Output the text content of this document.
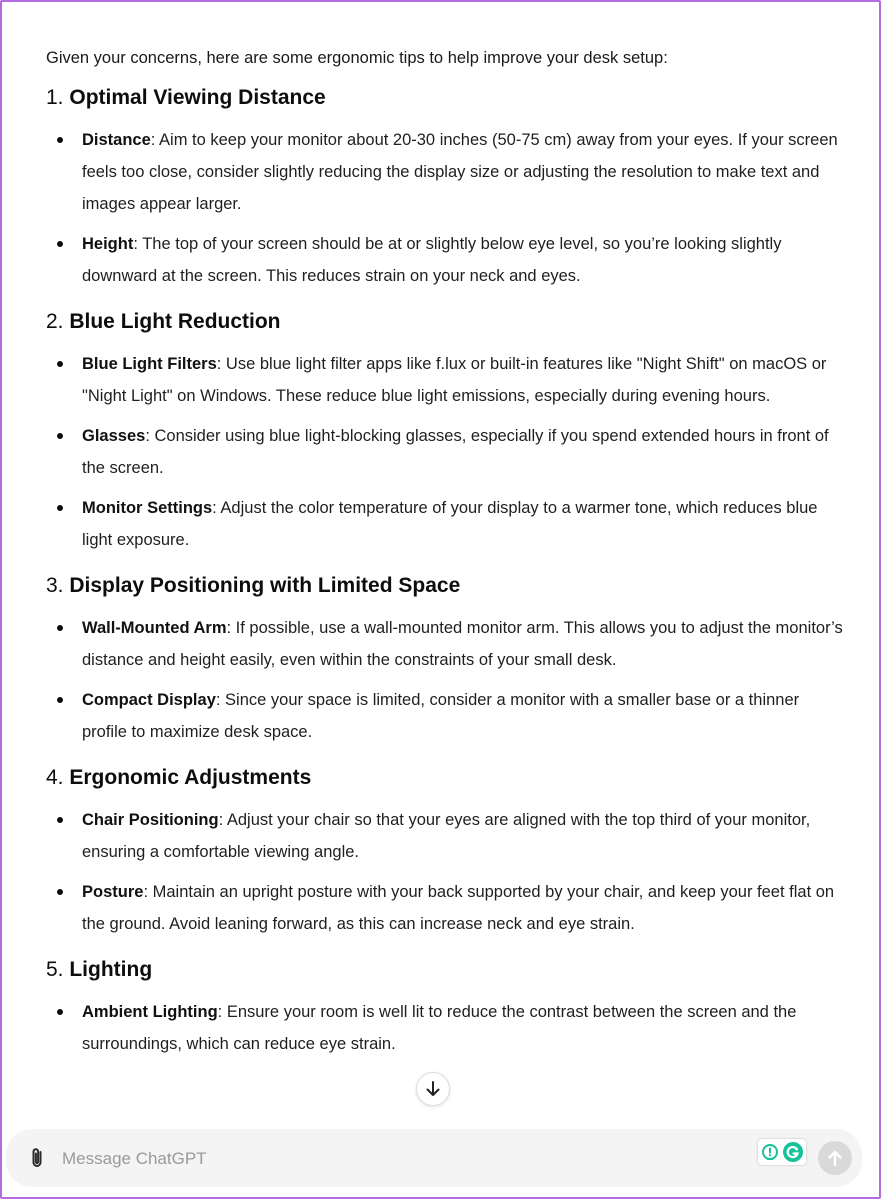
Given your concerns, here are some ergonomic tips to help improve your desk setup:

1. Optimal Viewing Distance
Distance: Aim to keep your monitor about 20-30 inches (50-75 cm) away from your eyes. If your screen feels too close, consider slightly reducing the display size or adjusting the resolution to make text and images appear larger.
Height: The top of your screen should be at or slightly below eye level, so you’re looking slightly downward at the screen. This reduces strain on your neck and eyes.
2. Blue Light Reduction
Blue Light Filters: Use blue light filter apps like f.lux or built-in features like "Night Shift" on macOS or "Night Light" on Windows. These reduce blue light emissions, especially during evening hours.
Glasses: Consider using blue light-blocking glasses, especially if you spend extended hours in front of the screen.
Monitor Settings: Adjust the color temperature of your display to a warmer tone, which reduces blue light exposure.
3. Display Positioning with Limited Space
Wall-Mounted Arm: If possible, use a wall-mounted monitor arm. This allows you to adjust the monitor’s distance and height easily, even within the constraints of your small desk.
Compact Display: Since your space is limited, consider a monitor with a smaller base or a thinner profile to maximize desk space.
4. Ergonomic Adjustments
Chair Positioning: Adjust your chair so that your eyes are aligned with the top third of your monitor, ensuring a comfortable viewing angle.
Posture: Maintain an upright posture with your back supported by your chair, and keep your feet flat on the ground. Avoid leaning forward, as this can increase neck and eye strain.
5. Lighting
Ambient Lighting: Ensure your room is well lit to reduce the contrast between the screen and the surroundings, which can reduce eye strain.
Message ChatGPT
